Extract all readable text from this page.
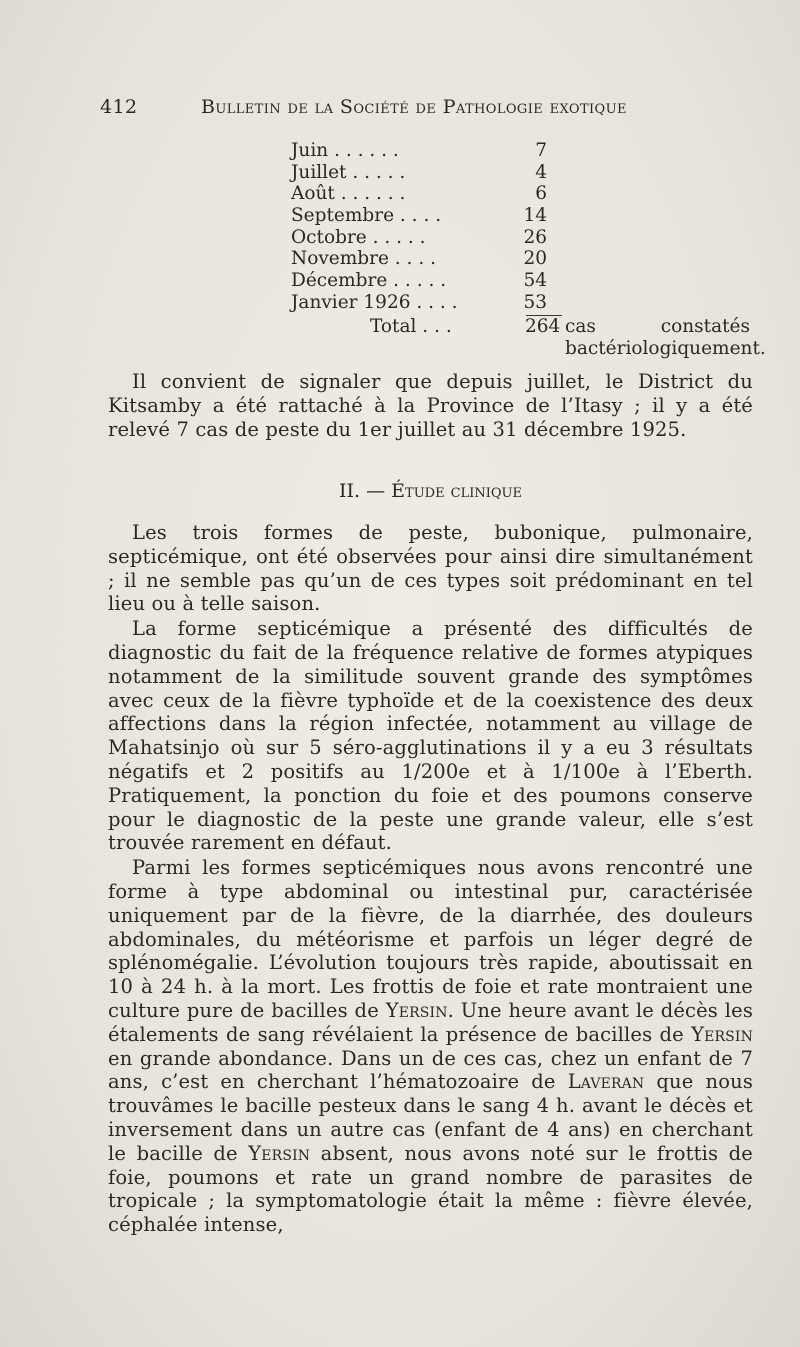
412	Bulletin de la Société de Pathologie exotique
Juin . . . . . .	7
Juillet . . . . .	4
Août . . . . . .	6
Septembre . . . .	14
Octobre . . . . .	26
Novembre . . . .	20
Décembre . . . . .	54
Janvier 1926 . . . .	53
Total . . .	264 cas constatés bactériologiquement.

Il convient de signaler que depuis juillet, le District du Kitsamby a été rattaché à la Province de l’Itasy ; il y a été relevé 7 cas de peste du 1er juillet au 31 décembre 1925.

II. — Étude clinique

Les trois formes de peste, bubonique, pulmonaire, septicémique, ont été observées pour ainsi dire simultanément ; il ne semble pas qu’un de ces types soit prédominant en tel lieu ou à telle saison.

La forme septicémique a présenté des difficultés de diagnostic du fait de la fréquence relative de formes atypiques notamment de la similitude souvent grande des symptômes avec ceux de la fièvre typhoïde et de la coexistence des deux affections dans la région infectée, notamment au village de Mahatsinjo où sur 5 séro-agglutinations il y a eu 3 résultats négatifs et 2 positifs au 1/200e et à 1/100e à l’Eberth. Pratiquement, la ponction du foie et des poumons conserve pour le diagnostic de la peste une grande valeur, elle s’est trouvée rarement en défaut.

Parmi les formes septicémiques nous avons rencontré une forme à type abdominal ou intestinal pur, caractérisée uniquement par de la fièvre, de la diarrhée, des douleurs abdominales, du météorisme et parfois un léger degré de splénomégalie. L’évolution toujours très rapide, aboutissait en 10 à 24 h. à la mort. Les frottis de foie et rate montraient une culture pure de bacilles de Yersin. Une heure avant le décès les étalements de sang révélaient la présence de bacilles de Yersin en grande abondance. Dans un de ces cas, chez un enfant de 7 ans, c’est en cherchant l’hématozoaire de Laveran que nous trouvâmes le bacille pesteux dans le sang 4 h. avant le décès et inversement dans un autre cas (enfant de 4 ans) en cherchant le bacille de Yersin absent, nous avons noté sur le frottis de foie, poumons et rate un grand nombre de parasites de tropicale ; la symptomatologie était la même : fièvre élevée, céphalée intense,
